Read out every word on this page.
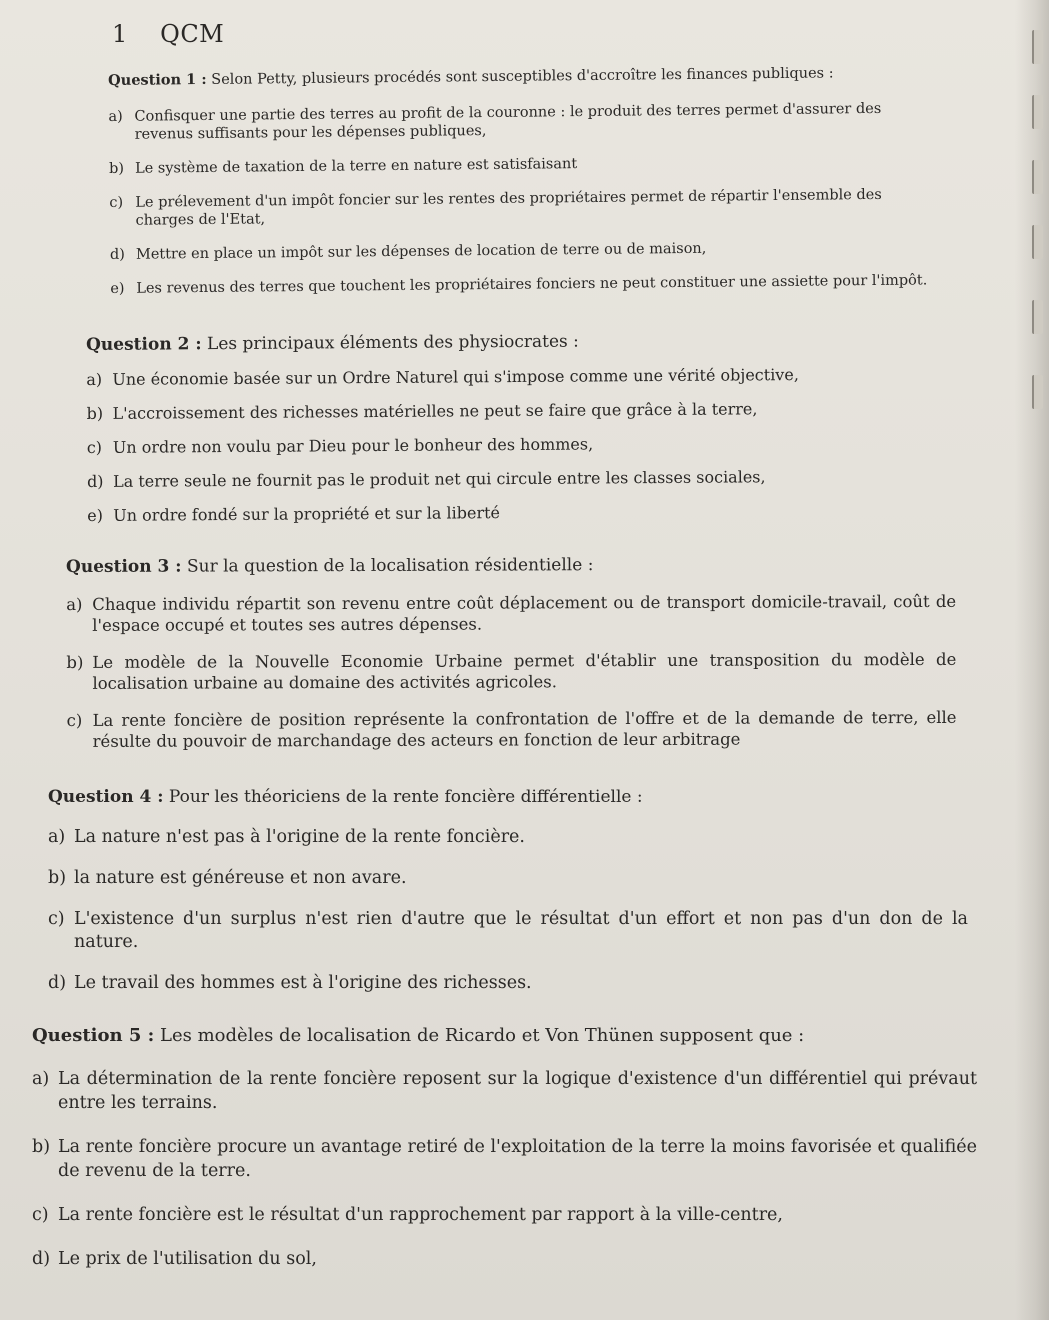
1 QCM
Question 1 : Selon Petty, plusieurs procédés sont susceptibles d'accroître les finances publiques :
a) Confisquer une partie des terres au profit de la couronne : le produit des terres permet d'assurer des revenus suffisants pour les dépenses publiques,
b) Le système de taxation de la terre en nature est satisfaisant
c) Le prélevement d'un impôt foncier sur les rentes des propriétaires permet de répartir l'ensemble des charges de l'Etat,
d) Mettre en place un impôt sur les dépenses de location de terre ou de maison,
e) Les revenus des terres que touchent les propriétaires fonciers ne peut constituer une assiette pour l'impôt.
Question 2 : Les principaux éléments des physiocrates :
a) Une économie basée sur un Ordre Naturel qui s'impose comme une vérité objective,
b) L'accroissement des richesses matérielles ne peut se faire que grâce à la terre,
c) Un ordre non voulu par Dieu pour le bonheur des hommes,
d) La terre seule ne fournit pas le produit net qui circule entre les classes sociales,
e) Un ordre fondé sur la propriété et sur la liberté
Question 3 : Sur la question de la localisation résidentielle :
a) Chaque individu répartit son revenu entre coût déplacement ou de transport domicile-travail, coût de l'espace occupé et toutes ses autres dépenses.
b) Le modèle de la Nouvelle Economie Urbaine permet d'établir une transposition du modèle de localisation urbaine au domaine des activités agricoles.
c) La rente foncière de position représente la confrontation de l'offre et de la demande de terre, elle résulte du pouvoir de marchandage des acteurs en fonction de leur arbitrage
Question 4 : Pour les théoriciens de la rente foncière différentielle :
a) La nature n'est pas à l'origine de la rente foncière.
b) la nature est généreuse et non avare.
c) L'existence d'un surplus n'est rien d'autre que le résultat d'un effort et non pas d'un don de la nature.
d) Le travail des hommes est à l'origine des richesses.
Question 5 : Les modèles de localisation de Ricardo et Von Thünen supposent que :
a) La détermination de la rente foncière reposent sur la logique d'existence d'un différentiel qui prévaut entre les terrains.
b) La rente foncière procure un avantage retiré de l'exploitation de la terre la moins favorisée et qualifiée de revenu de la terre.
c) La rente foncière est le résultat d'un rapprochement par rapport à la ville-centre,
d) Le prix de l'utilisation du sol,
